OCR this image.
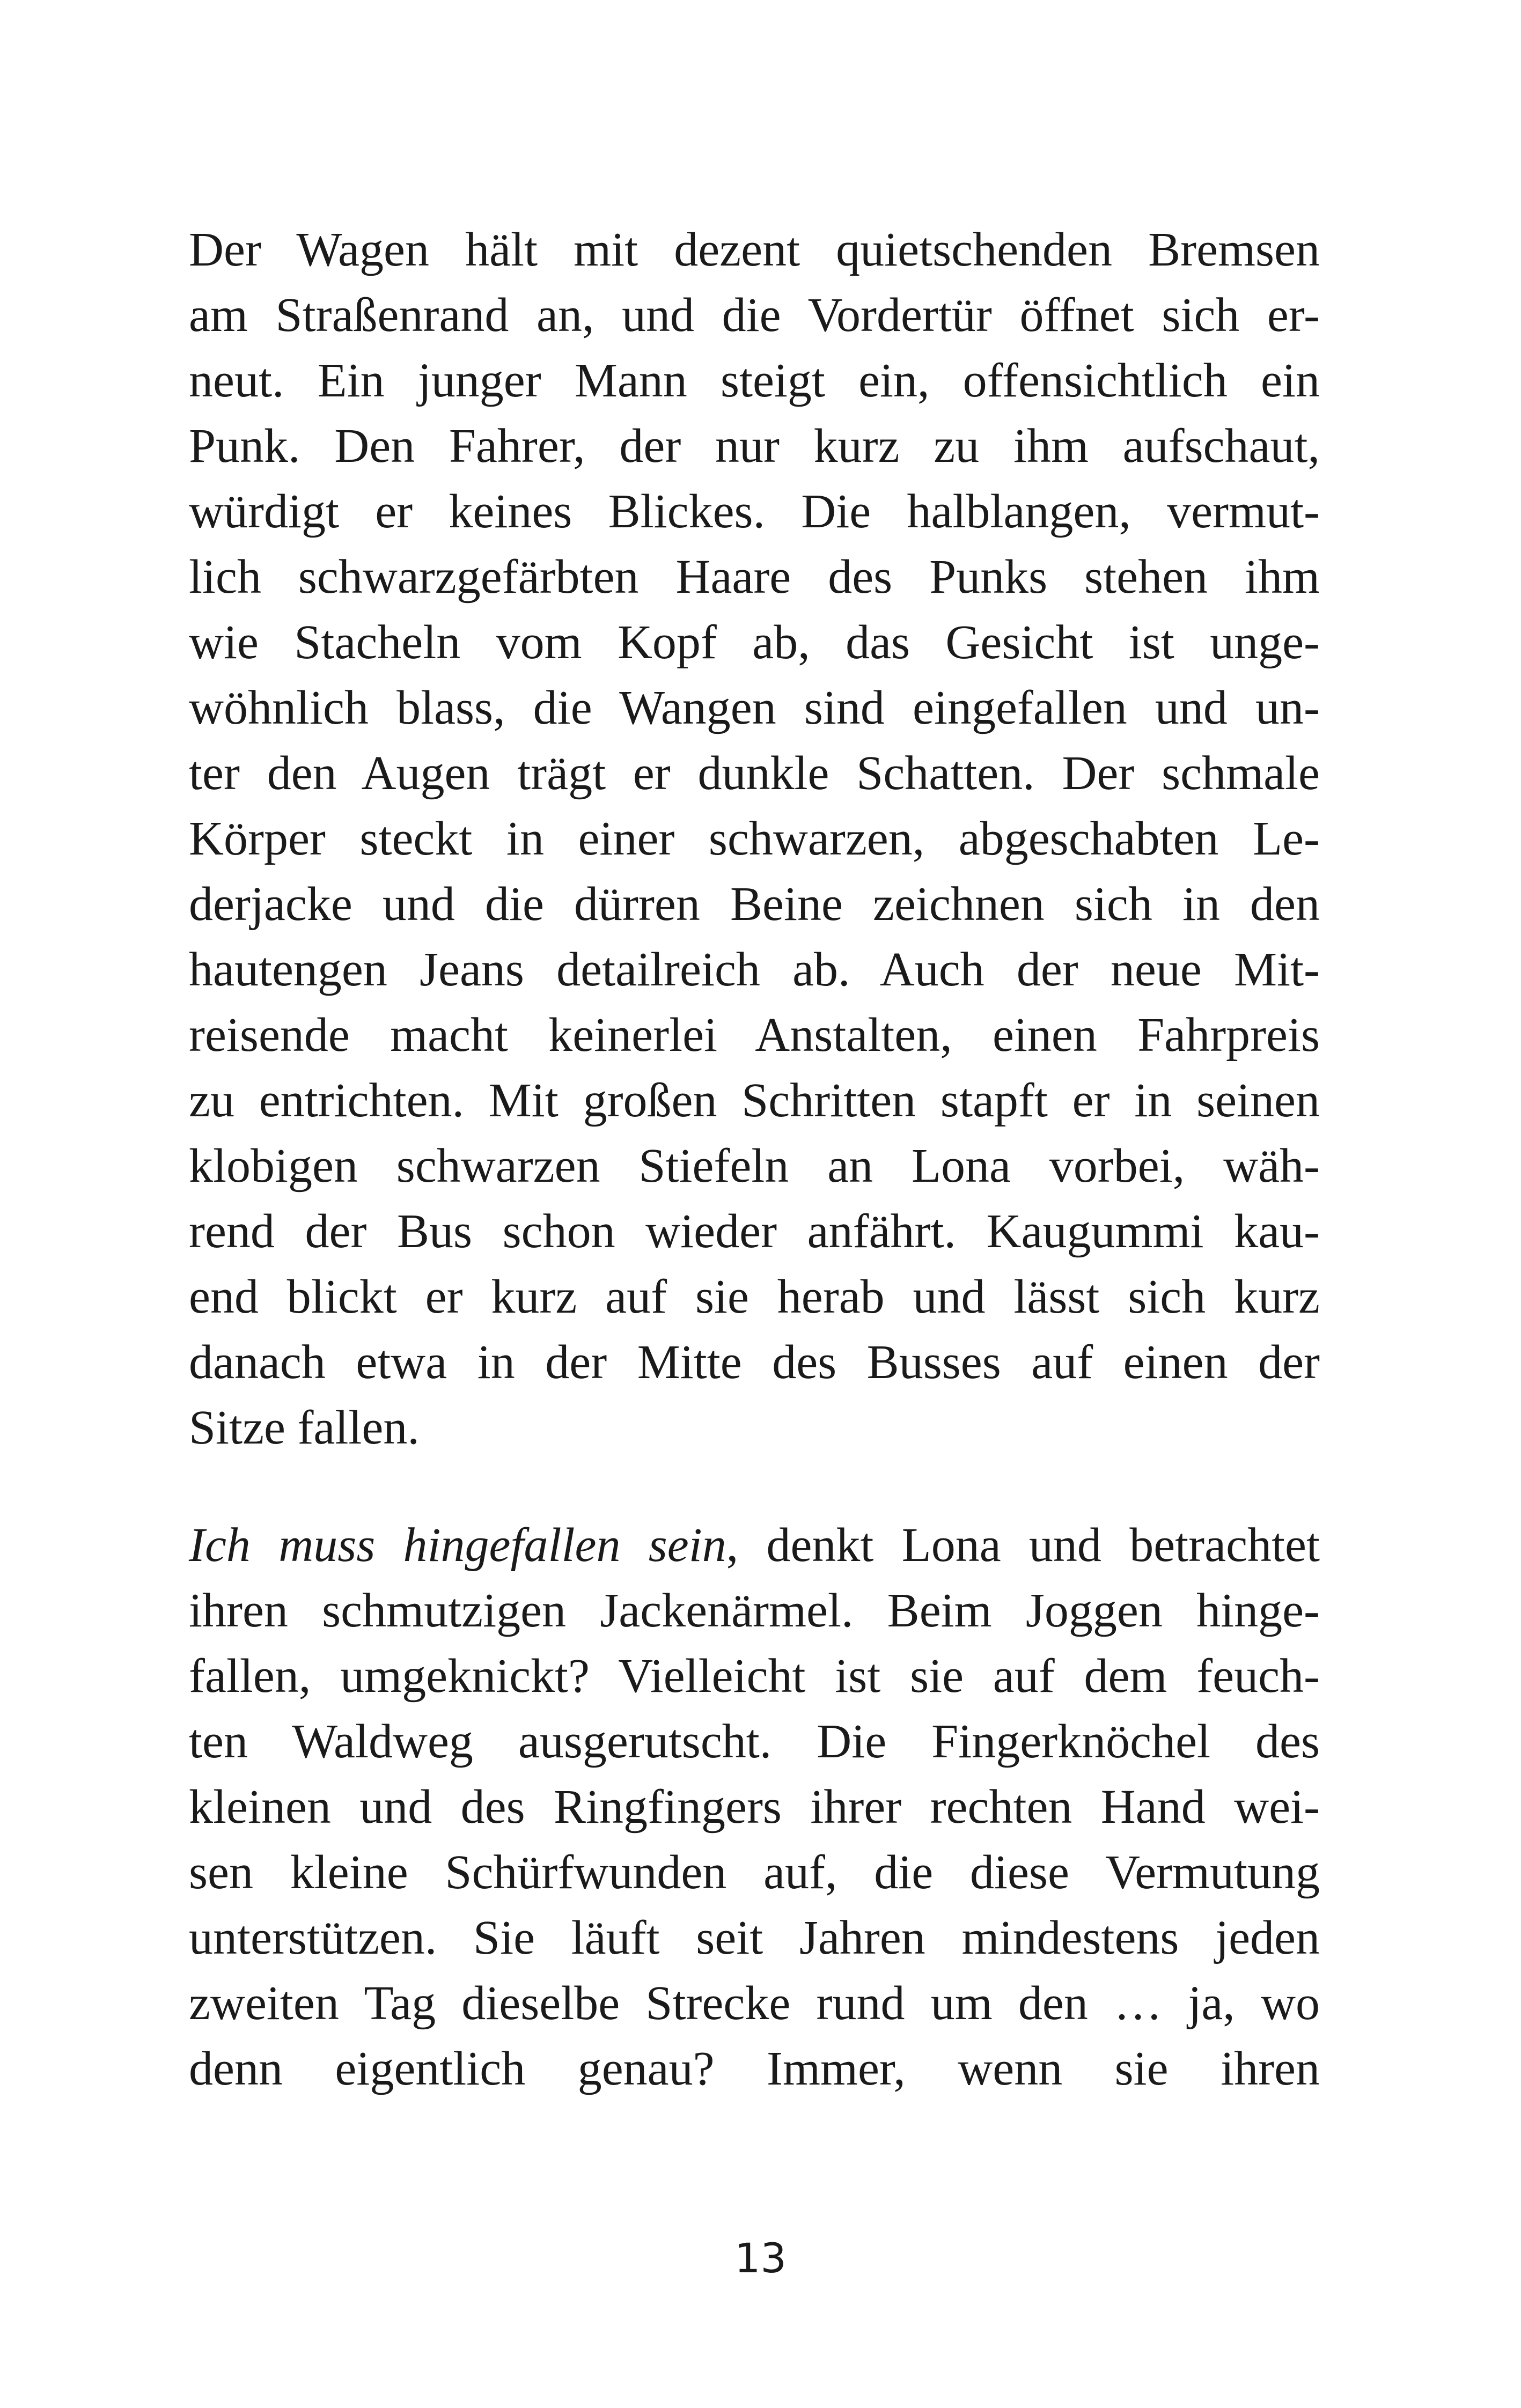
Der Wagen hält mit dezent quietschenden Bremsen
am Straßenrand an, und die Vordertür öffnet sich er-
neut. Ein junger Mann steigt ein, offensichtlich ein
Punk. Den Fahrer, der nur kurz zu ihm aufschaut,
würdigt er keines Blickes. Die halblangen, vermut-
lich schwarzgefärbten Haare des Punks stehen ihm
wie Stacheln vom Kopf ab, das Gesicht ist unge-
wöhnlich blass, die Wangen sind eingefallen und un-
ter den Augen trägt er dunkle Schatten. Der schmale
Körper steckt in einer schwarzen, abgeschabten Le-
derjacke und die dürren Beine zeichnen sich in den
hautengen Jeans detailreich ab. Auch der neue Mit-
reisende macht keinerlei Anstalten, einen Fahrpreis
zu entrichten. Mit großen Schritten stapft er in seinen
klobigen schwarzen Stiefeln an Lona vorbei, wäh-
rend der Bus schon wieder anfährt. Kaugummi kau-
end blickt er kurz auf sie herab und lässt sich kurz
danach etwa in der Mitte des Busses auf einen der
Sitze fallen.
Ich muss hingefallen sein, denkt Lona und betrachtet
ihren schmutzigen Jackenärmel. Beim Joggen hinge-
fallen, umgeknickt? Vielleicht ist sie auf dem feuch-
ten Waldweg ausgerutscht. Die Fingerknöchel des
kleinen und des Ringfingers ihrer rechten Hand wei-
sen kleine Schürfwunden auf, die diese Vermutung
unterstützen. Sie läuft seit Jahren mindestens jeden
zweiten Tag dieselbe Strecke rund um den … ja, wo
denn eigentlich genau? Immer, wenn sie ihren
13
